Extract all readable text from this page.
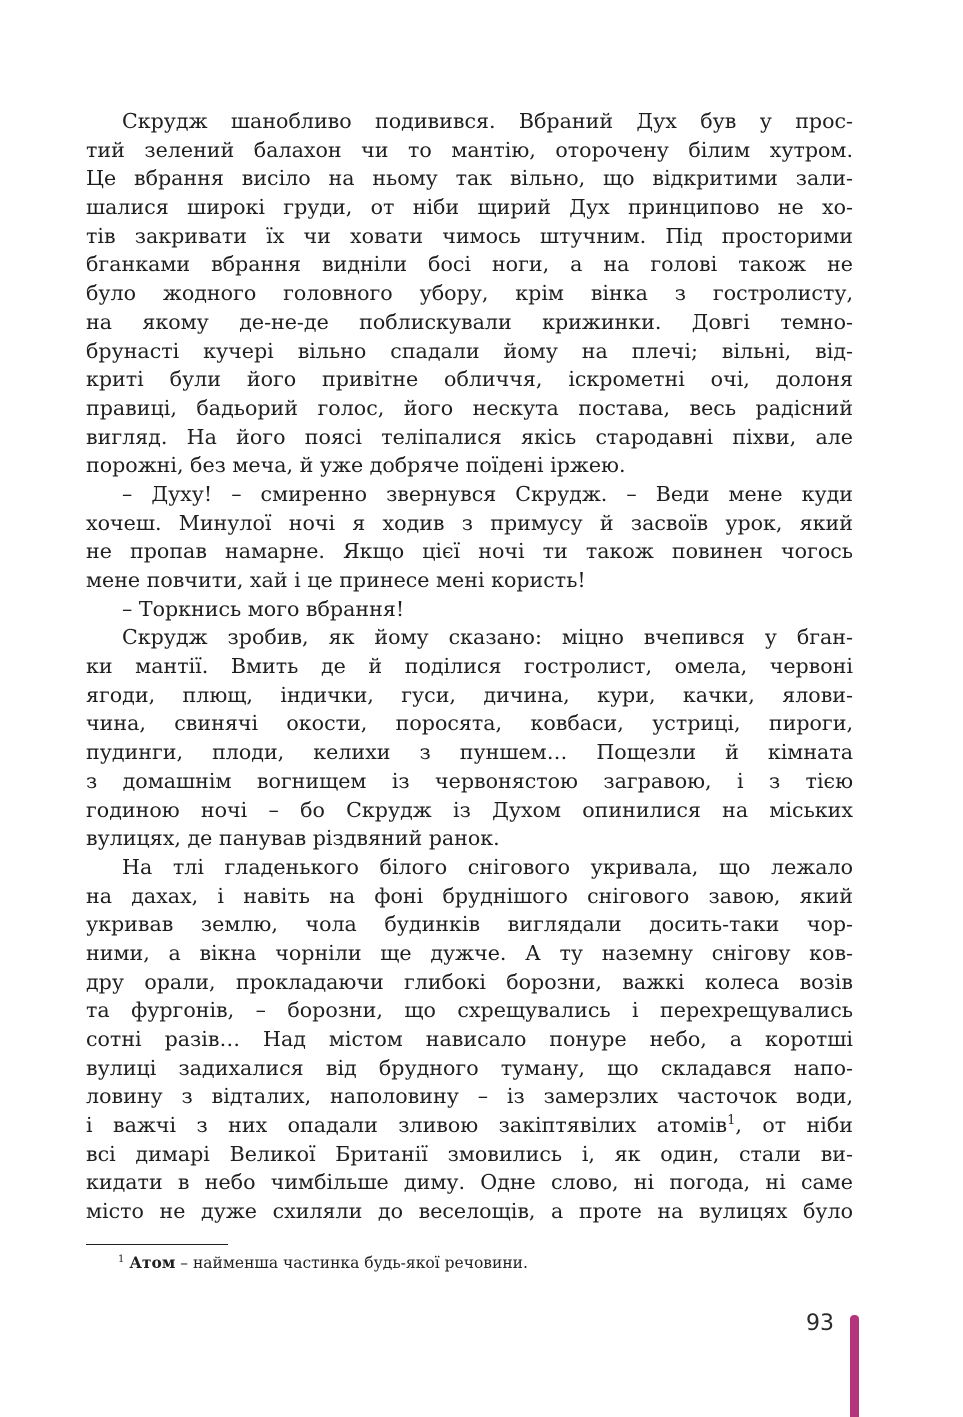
Скрудж шанобливо подивився. Вбраний Дух був у прос-
тий зелений балахон чи то мантію, оторочену білим хутром.
Це вбрання висіло на ньому так вільно, що відкритими зали-
шалися широкі груди, от ніби щирий Дух принципово не хо-
тів закривати їх чи ховати чимось штучним. Під просторими
бганками вбрання видніли босі ноги, а на голові також не
було жодного головного убору, крім вінка з гостролисту,
на якому де-не-де поблискували крижинки. Довгі темно-
брунасті кучері вільно спадали йому на плечі; вільні, від-
криті були його привітне обличчя, іскрометні очі, долоня
правиці, бадьорий голос, його нескута постава, весь радісний
вигляд. На його поясі теліпалися якісь стародавні піхви, але
порожні, без меча, й уже добряче поїдені іржею.
– Духу! – смиренно звернувся Скрудж. – Веди мене куди
хочеш. Минулої ночі я ходив з примусу й засвоїв урок, який
не пропав намарне. Якщо цієї ночі ти також повинен чогось
мене повчити, хай і це принесе мені користь!
– Торкнись мого вбрання!
Скрудж зробив, як йому сказано: міцно вчепився у бган-
ки мантії. Вмить де й поділися гостролист, омела, червоні
ягоди, плющ, індички, гуси, дичина, кури, качки, ялови-
чина, свинячі окости, поросята, ковбаси, устриці, пироги,
пудинги, плоди, келихи з пуншем… Пощезли й кімната
з домашнім вогнищем із червонястою загравою, і з тією
годиною ночі – бо Скрудж із Духом опинилися на міських
вулицях, де панував різдвяний ранок.
На тлі гладенького білого снігового укривала, що лежало
на дахах, і навіть на фоні бруднішого снігового завою, який
укривав землю, чола будинків виглядали досить-таки чор-
ними, а вікна чорніли ще дужче. А ту наземну снігову ков-
дру орали, прокладаючи глибокі борозни, важкі колеса возів
та фургонів, – борозни, що схрещувались і перехрещувались
сотні разів… Над містом нависало понуре небо, а коротші
вулиці задихалися від брудного туману, що складався напо-
ловину з відталих, наполовину – із замерзлих часточок води,
і важчі з них опадали зливою закіптявілих атомів$^1$, от ніби
всі димарі Великої Британії змовились і, як один, стали ви-
кидати в небо чимбільше диму. Одне слово, ні погода, ні саме
місто не дуже схиляли до веселощів, а проте на вулицях було
$^1$ Атом – найменша частинка будь-якої речовини.
93
